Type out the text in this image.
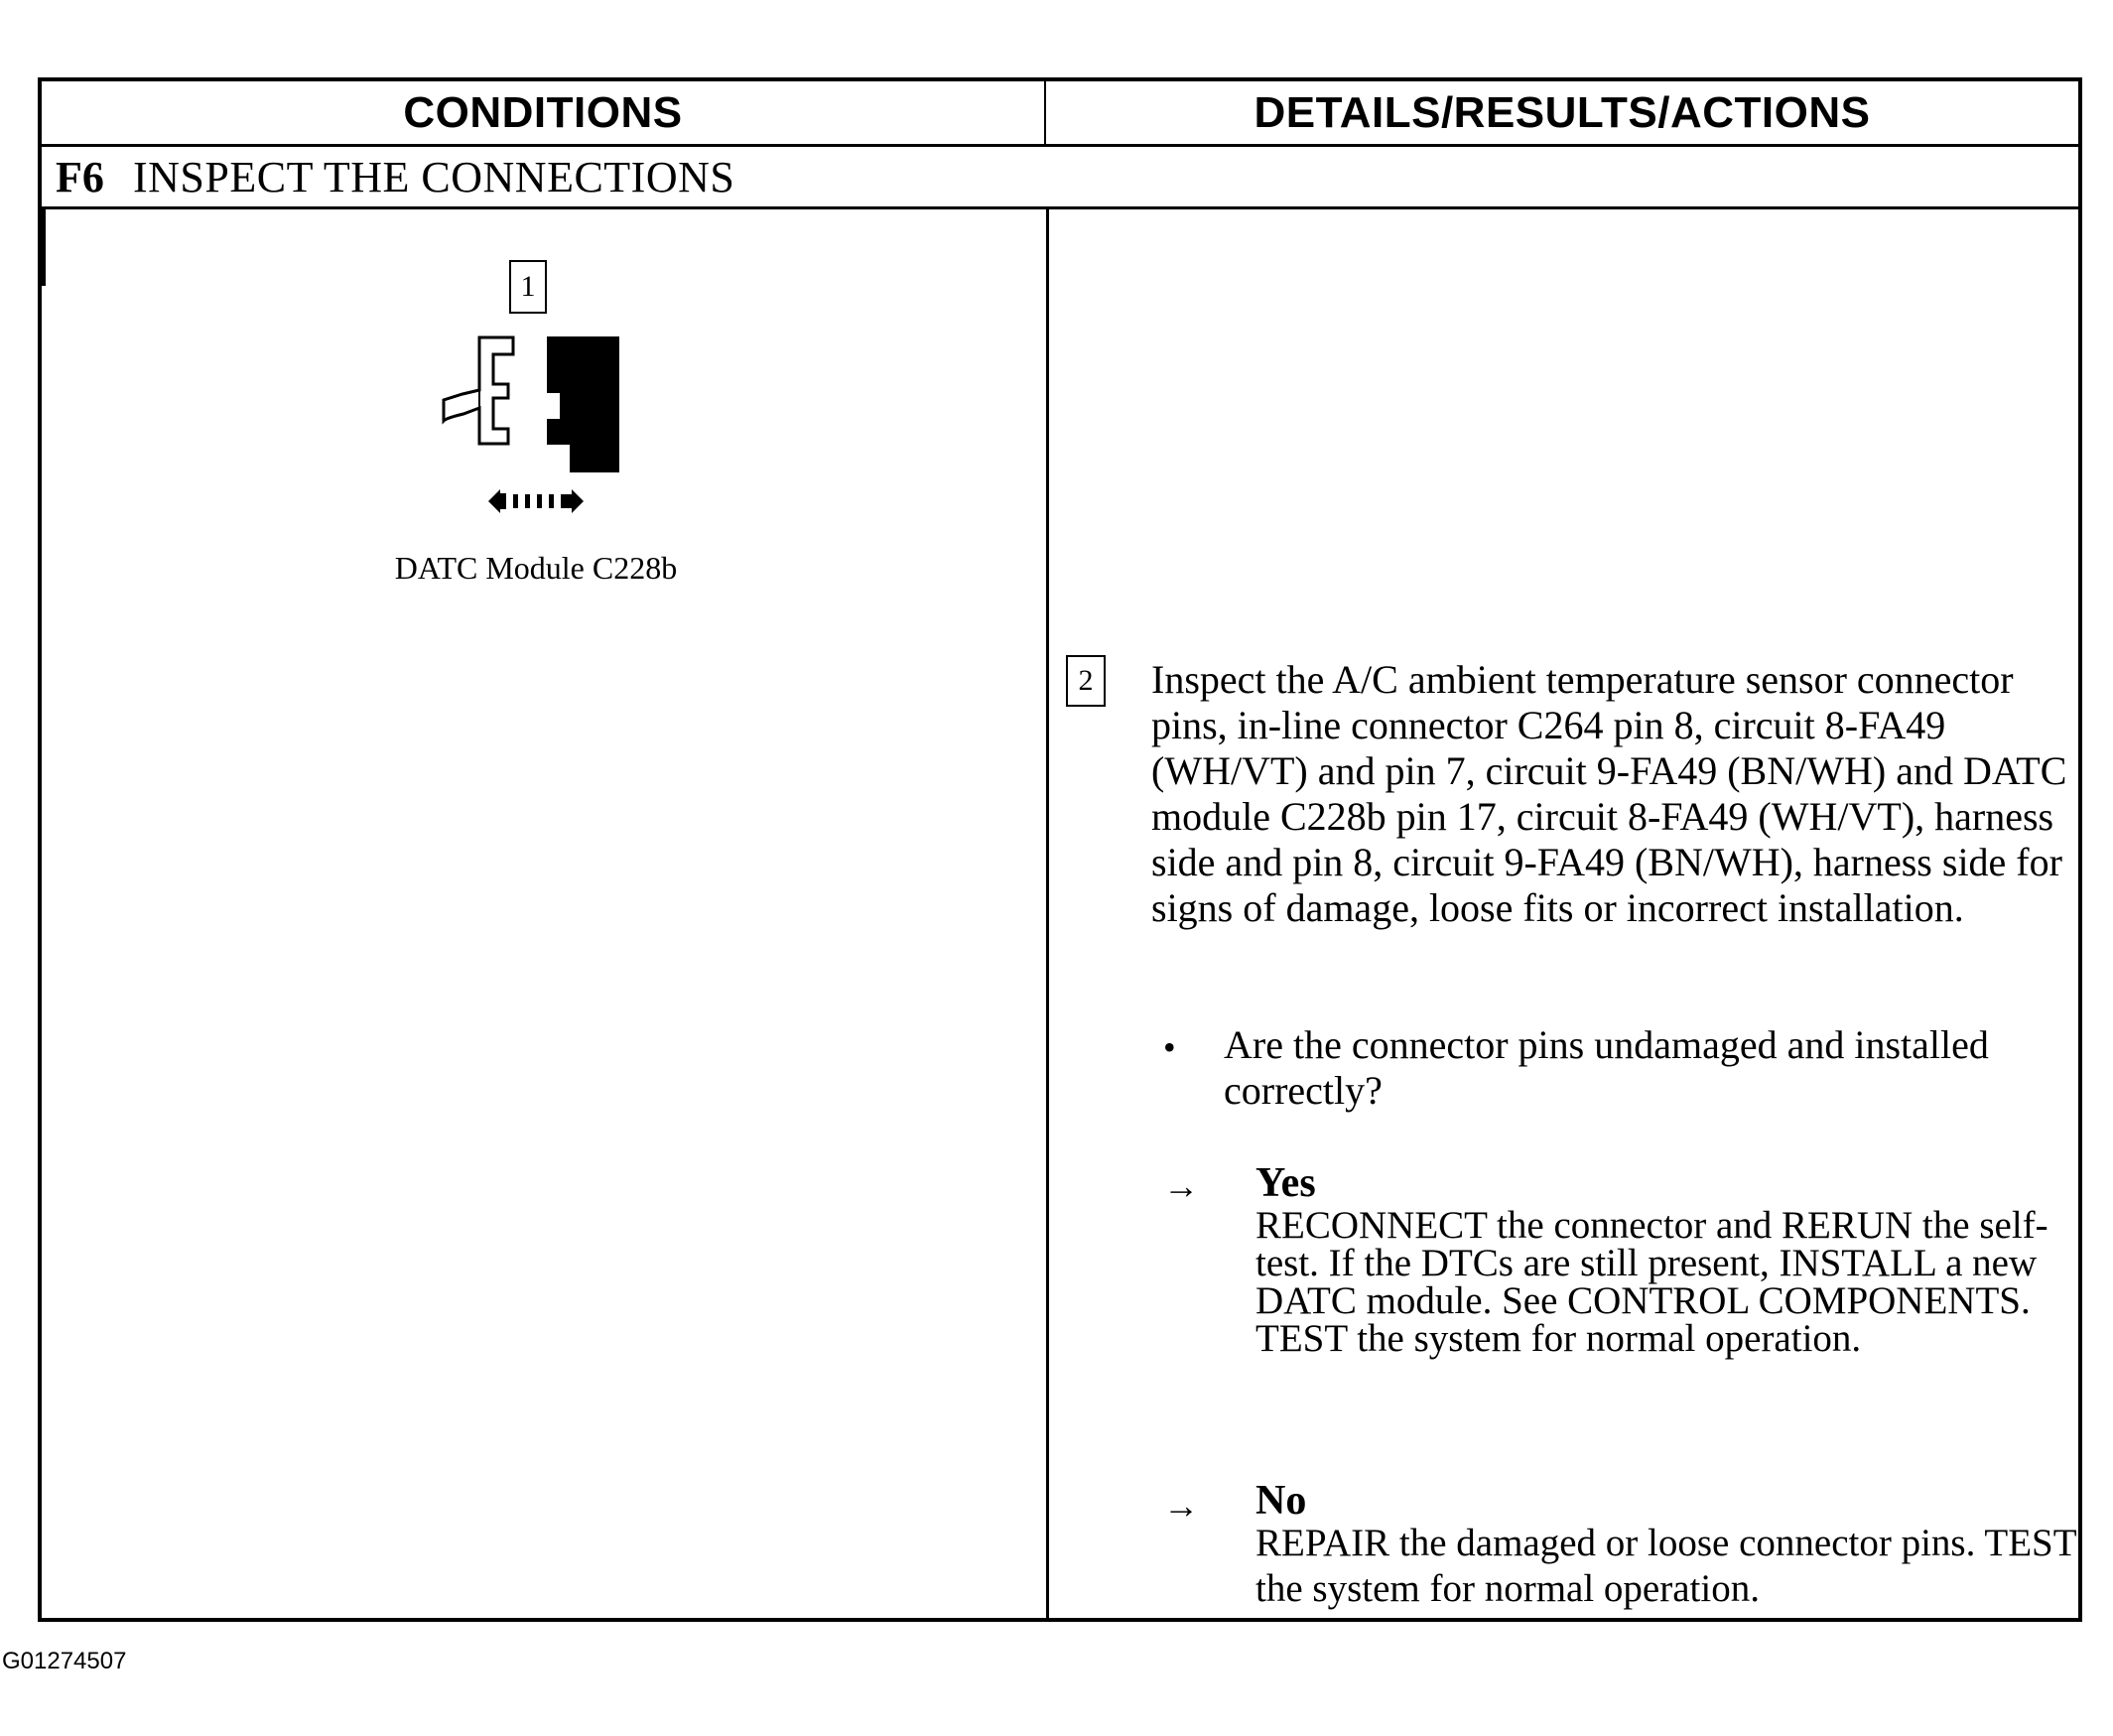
CONDITIONS	DETAILS/RESULTS/ACTIONS
F6 INSPECT THE CONNECTIONS
1
DATC Module C228b
2	Inspect the A/C ambient temperature sensor connector pins, in-line connector C264 pin 8, circuit 8-FA49 (WH/VT) and pin 7, circuit 9-FA49 (BN/WH) and DATC module C228b pin 17, circuit 8-FA49 (WH/VT), harness side and pin 8, circuit 9-FA49 (BN/WH), harness side for signs of damage, loose fits or incorrect installation.
• Are the connector pins undamaged and installed correctly?
→ Yes
RECONNECT the connector and RERUN the self-test. If the DTCs are still present, INSTALL a new DATC module. See CONTROL COMPONENTS. TEST the system for normal operation.
→ No
REPAIR the damaged or loose connector pins. TEST the system for normal operation.
G01274507
